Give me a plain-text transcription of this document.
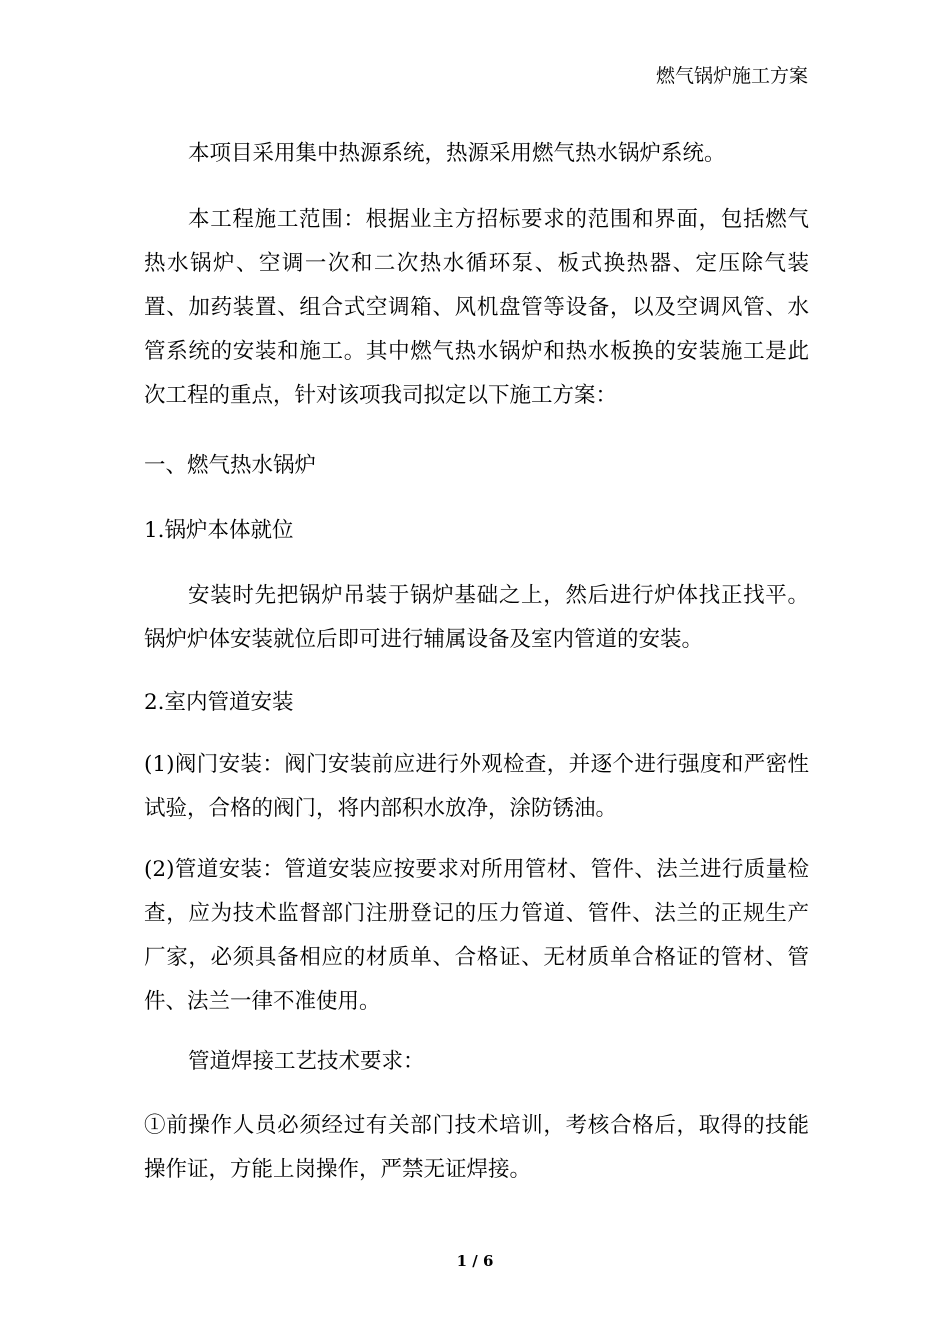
燃气锅炉施工方案

本项目采用集中热源系统，热源采用燃气热水锅炉系统。

本工程施工范围：根据业主方招标要求的范围和界面，包括燃气热水锅炉、空调一次和二次热水循环泵、板式换热器、定压除气装置、加药装置、组合式空调箱、风机盘管等设备，以及空调风管、水管系统的安装和施工。其中燃气热水锅炉和热水板换的安装施工是此次工程的重点，针对该项我司拟定以下施工方案：

一、燃气热水锅炉

1.锅炉本体就位

安装时先把锅炉吊装于锅炉基础之上，然后进行炉体找正找平。锅炉炉体安装就位后即可进行辅属设备及室内管道的安装。

2.室内管道安装

(1)阀门安装：阀门安装前应进行外观检查，并逐个进行强度和严密性试验，合格的阀门，将内部积水放净，涂防锈油。

(2)管道安装：管道安装应按要求对所用管材、管件、法兰进行质量检查，应为技术监督部门注册登记的压力管道、管件、法兰的正规生产厂家，必须具备相应的材质单、合格证、无材质单合格证的管材、管件、法兰一律不准使用。

管道焊接工艺技术要求：

①前操作人员必须经过有关部门技术培训，考核合格后，取得的技能操作证，方能上岗操作，严禁无证焊接。

1 / 6
